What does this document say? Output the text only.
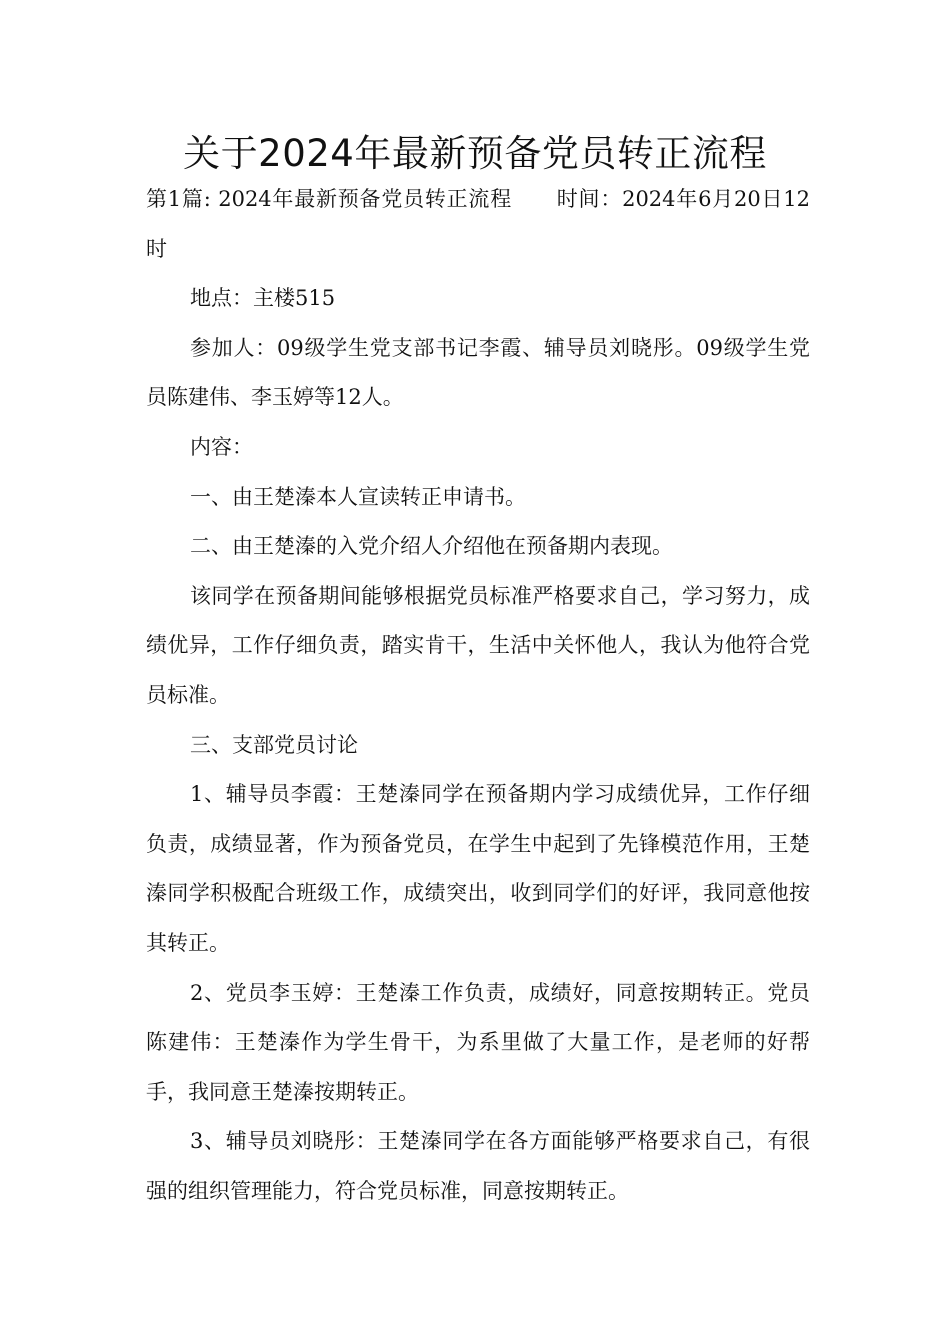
关于2024年最新预备党员转正流程

第1篇: 2024年最新预备党员转正流程 时间：2024年6月20日12时

地点：主楼515

参加人：09级学生党支部书记李霞、辅导员刘晓彤。09级学生党员陈建伟、李玉婷等12人。

内容：

一、由王楚溱本人宣读转正申请书。

二、由王楚溱的入党介绍人介绍他在预备期内表现。

该同学在预备期间能够根据党员标准严格要求自己，学习努力，成绩优异，工作仔细负责，踏实肯干，生活中关怀他人，我认为他符合党员标准。

三、支部党员讨论

1、辅导员李霞：王楚溱同学在预备期内学习成绩优异，工作仔细负责，成绩显著，作为预备党员，在学生中起到了先锋模范作用，王楚溱同学积极配合班级工作，成绩突出，收到同学们的好评，我同意他按其转正。

2、党员李玉婷：王楚溱工作负责，成绩好，同意按期转正。党员陈建伟：王楚溱作为学生骨干，为系里做了大量工作，是老师的好帮手，我同意王楚溱按期转正。

3、辅导员刘晓彤：王楚溱同学在各方面能够严格要求自己，有很强的组织管理能力，符合党员标准，同意按期转正。
